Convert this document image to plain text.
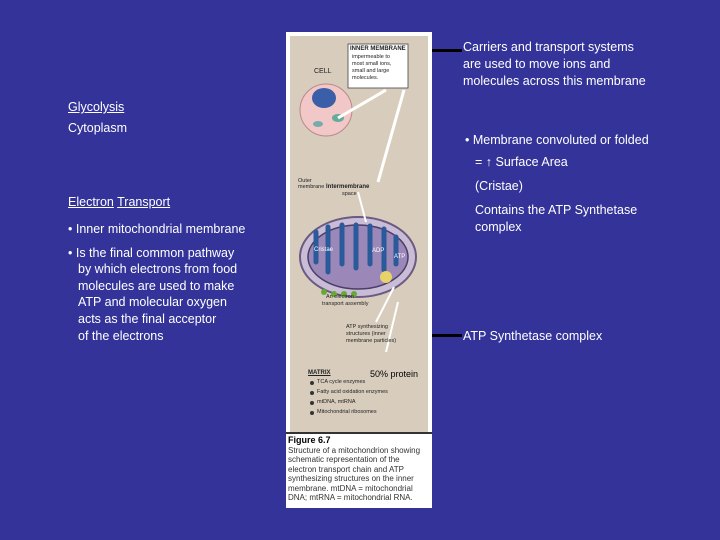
Glycolysis
Cytoplasm
Electron Transport
• Inner mitochondrial membrane
• Is the final common pathway
by which electrons from food
molecules are used to make
ATP and molecular oxygen
acts as the final acceptor
of the electrons
Carriers and transport systems
are used to move ions and
molecules across this membrane
• Membrane convoluted or folded
= ↑ Surface Area
(Cristae)
Contains the ATP Synthetase
complex
ATP Synthetase complex
INNER MEMBRANE
impermeable to
most small ions,
small and large
molecules.
CELL
Outer
membrane Intermembrane
space
Cristae	ADP
ATP
An electron
transport assembly
ATP synthesizing
structures (inner
membrane particles)
MATRIX	50% protein
TCA cycle enzymes
Fatty acid oxidation enzymes
mtDNA, mtRNA
Mitochondrial ribosomes
Figure 6.7
Structure of a mitochondrion showing schematic representation of the electron transport chain and ATP synthesizing structures on the inner membrane. mtDNA = mitochondrial DNA; mtRNA = mitochondrial RNA.
